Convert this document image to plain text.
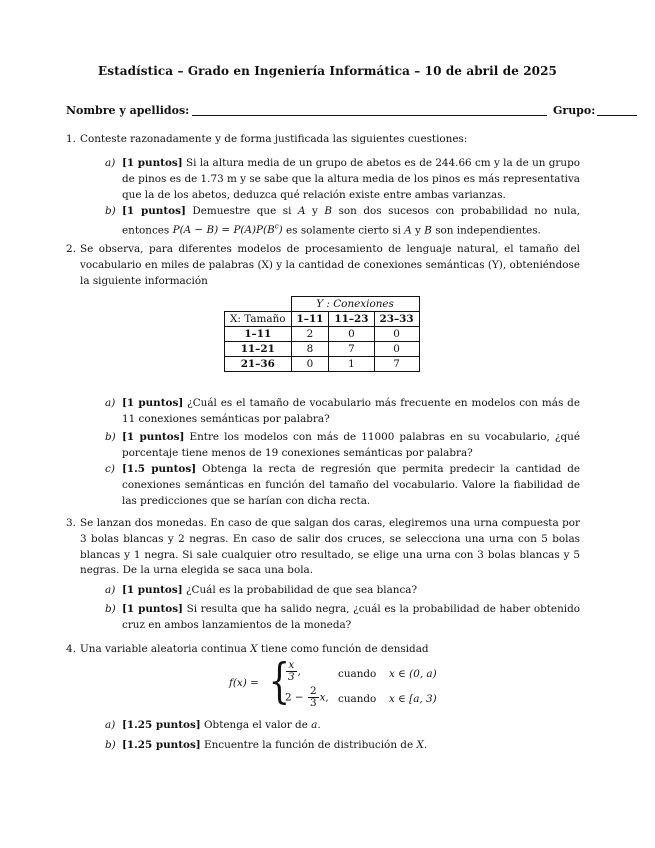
Estadística – Grado en Ingeniería Informática – 10 de abril de 2025
Nombre y apellidos:	Grupo:
1. Conteste razonadamente y de forma justificada las siguientes cuestiones:
a) [1 puntos] Si la altura media de un grupo de abetos es de 244.66 cm y la de un grupo de pinos es de 1.73 m y se sabe que la altura media de los pinos es más representativa que la de los abetos, deduzca qué relación existe entre ambas varianzas.
b) [1 puntos] Demuestre que si A y B son dos sucesos con probabilidad no nula, entonces $P(A - B) = P(A)P(B^c)$ es solamente cierto si A y B son independientes.
2. Se observa, para diferentes modelos de procesamiento de lenguaje natural, el tamaño del vocabulario en miles de palabras (X) y la cantidad de conexiones semánticas (Y), obteniéndose la siguiente información
	Y : Conexiones		
X: Tamaño	1–11	11–23	23–33
1–11	2	0	0
11–21	8	7	0
21–36	0	1	7
a) [1 puntos] ¿Cuál es el tamaño de vocabulario más frecuente en modelos con más de 11 conexiones semánticas por palabra?
b) [1 puntos] Entre los modelos con más de 11000 palabras en su vocabulario, ¿qué porcentaje tiene menos de 19 conexiones semánticas por palabra?
c) [1.5 puntos] Obtenga la recta de regresión que permita predecir la cantidad de conexiones semánticas en función del tamaño del vocabulario. Valore la fiabilidad de las predicciones que se harían con dicha recta.
3. Se lanzan dos monedas. En caso de que salgan dos caras, elegiremos una urna compuesta por 3 bolas blancas y 2 negras. En caso de salir dos cruces, se selecciona una urna con 5 bolas blancas y 1 negra. Si sale cualquier otro resultado, se elige una urna con 3 bolas blancas y 5 negras. De la urna elegida se saca una bola.
a) [1 puntos] ¿Cuál es la probabilidad de que sea blanca?
b) [1 puntos] Si resulta que ha salido negra, ¿cuál es la probabilidad de haber obtenido cruz en ambos lanzamientos de la moneda?
4. Una variable aleatoria continua X tiene como función de densidad
f(x) = {
$\frac{x}{3}$ ,
$2 - \frac{2}{3} x$,
cuando x ∈ (0, a)
cuando x ∈ [a, 3)
a) [1.25 puntos] Obtenga el valor de a.
b) [1.25 puntos] Encuentre la función de distribución de X.
